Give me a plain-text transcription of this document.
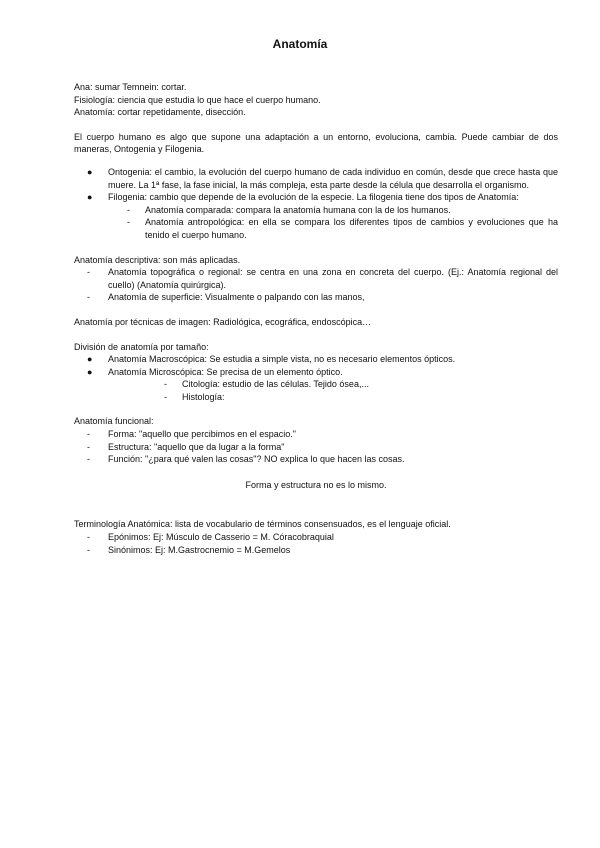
Anatomía

Ana: sumar Temnein: cortar.

Fisiología: ciencia que estudia lo que hace el cuerpo humano.

Anatomía: cortar repetidamente, disección.

El cuerpo humano es algo que supone una adaptación a un entorno, evoluciona, cambia. Puede cambiar de dos maneras, Ontogenia y Filogenia.

● Ontogenia: el cambio, la evolución del cuerpo humano de cada individuo en común, desde que crece hasta que muere. La 1ª fase, la fase inicial, la más compleja, esta parte desde la célula que desarrolla el organismo.
● Filogenia: cambio que depende de la evolución de la especie. La filogenia tiene dos tipos de Anatomía:
- Anatomía comparada: compara la anatomía humana con la de los humanos.
- Anatomía antropológica: en ella se compara los diferentes tipos de cambios y evoluciones que ha tenido el cuerpo humano.

Anatomía descriptiva: son más aplicadas.

- Anatomía topográfica o regional: se centra en una zona en concreta del cuerpo. (Ej.: Anatomía regional del cuello) (Anatomía quirúrgica).
- Anatomía de superficie: Visualmente o palpando con las manos,

Anatomía por técnicas de imagen: Radiológica, ecográfica, endoscópica…

División de anatomía por tamaño:

● Anatomía Macroscópica: Se estudia a simple vista, no es necesario elementos ópticos.
● Anatomía Microscópica: Se precisa de un elemento óptico.
- Citología: estudio de las células. Tejido ósea,...
- Histología:

Anatomía funcional:

- Forma: "aquello que percibimos en el espacio."
- Estructura: "aquello que da lugar a la forma"
- Función: "¿para qué valen las cosas"? NO explica lo que hacen las cosas.

Forma y estructura no es lo mismo.

Terminología Anatómica: lista de vocabulario de términos consensuados, es el lenguaje oficial.

- Epónimos: Ej: Músculo de Casserio = M. Córacobraquial
- Sinónimos: Ej: M.Gastrocnemio = M.Gemelos
